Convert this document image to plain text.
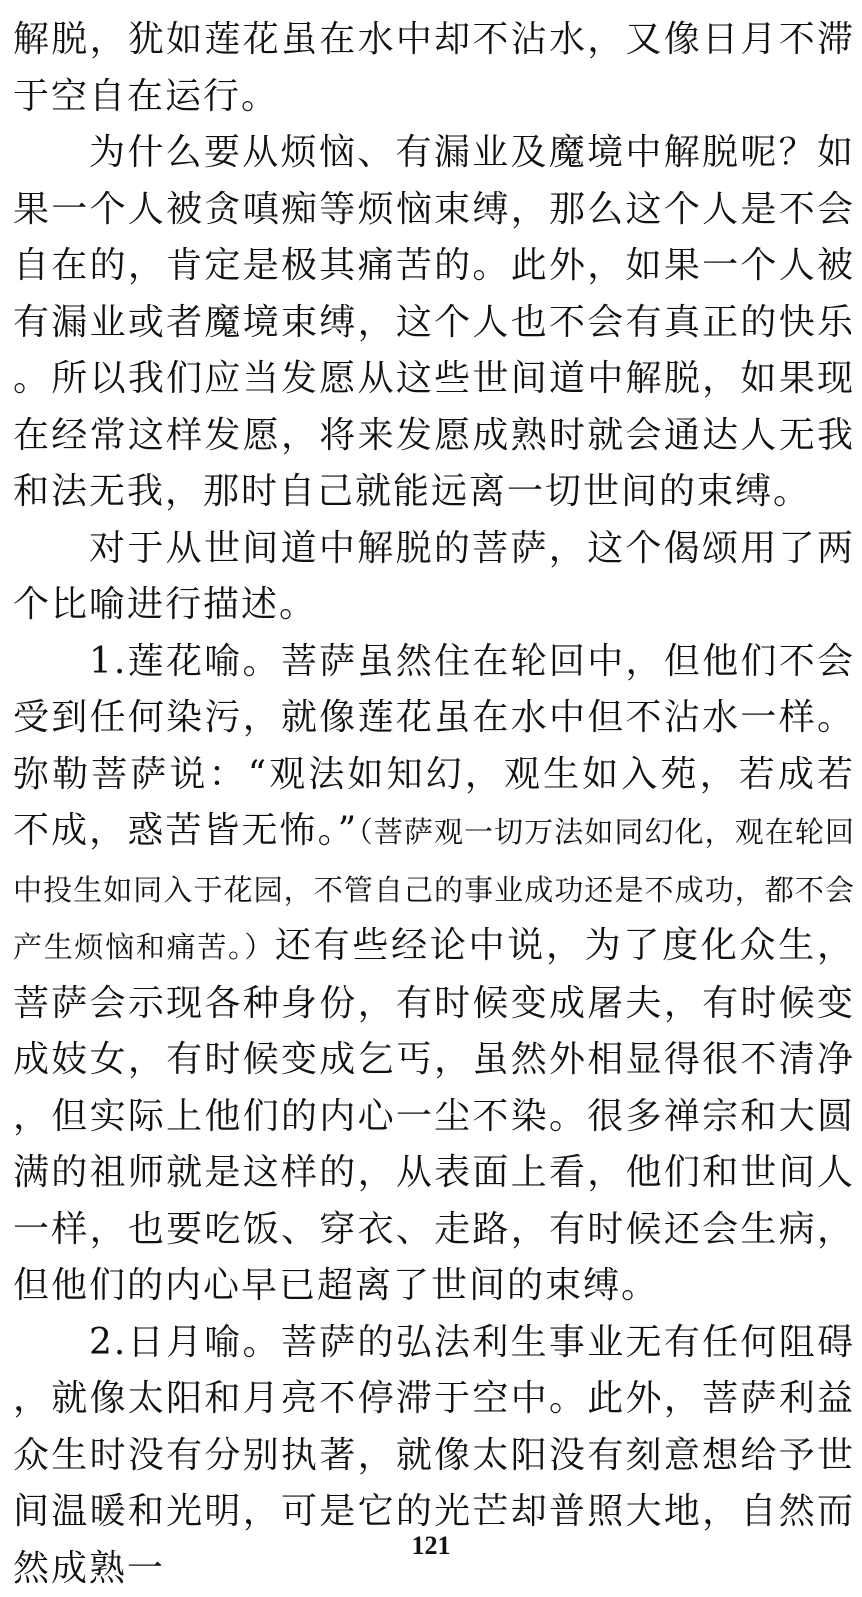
解脱，犹如莲花虽在水中却不沾水，又像日月不滞于空自在运行。

为什么要从烦恼、有漏业及魔境中解脱呢？如果一个人被贪嗔痴等烦恼束缚，那么这个人是不会自在的，肯定是极其痛苦的。此外，如果一个人被有漏业或者魔境束缚，这个人也不会有真正的快乐。所以我们应当发愿从这些世间道中解脱，如果现在经常这样发愿，将来发愿成熟时就会通达人无我和法无我，那时自己就能远离一切世间的束缚。

对于从世间道中解脱的菩萨，这个偈颂用了两个比喻进行描述。

1.莲花喻。菩萨虽然住在轮回中，但他们不会受到任何染污，就像莲花虽在水中但不沾水一样。弥勒菩萨说：“观法如知幻，观生如入苑，若成若不成，惑苦皆无怖。”（菩萨观一切万法如同幻化，观在轮回中投生如同入于花园，不管自己的事业成功还是不成功，都不会产生烦恼和痛苦。）还有些经论中说，为了度化众生，菩萨会示现各种身份，有时候变成屠夫，有时候变成妓女，有时候变成乞丐，虽然外相显得很不清净，但实际上他们的内心一尘不染。很多禅宗和大圆满的祖师就是这样的，从表面上看，他们和世间人一样，也要吃饭、穿衣、走路，有时候还会生病，但他们的内心早已超离了世间的束缚。

2.日月喻。菩萨的弘法利生事业无有任何阻碍，就像太阳和月亮不停滞于空中。此外，菩萨利益众生时没有分别执著，就像太阳没有刻意想给予世间温暖和光明，可是它的光芒却普照大地，自然而然成熟一

121
